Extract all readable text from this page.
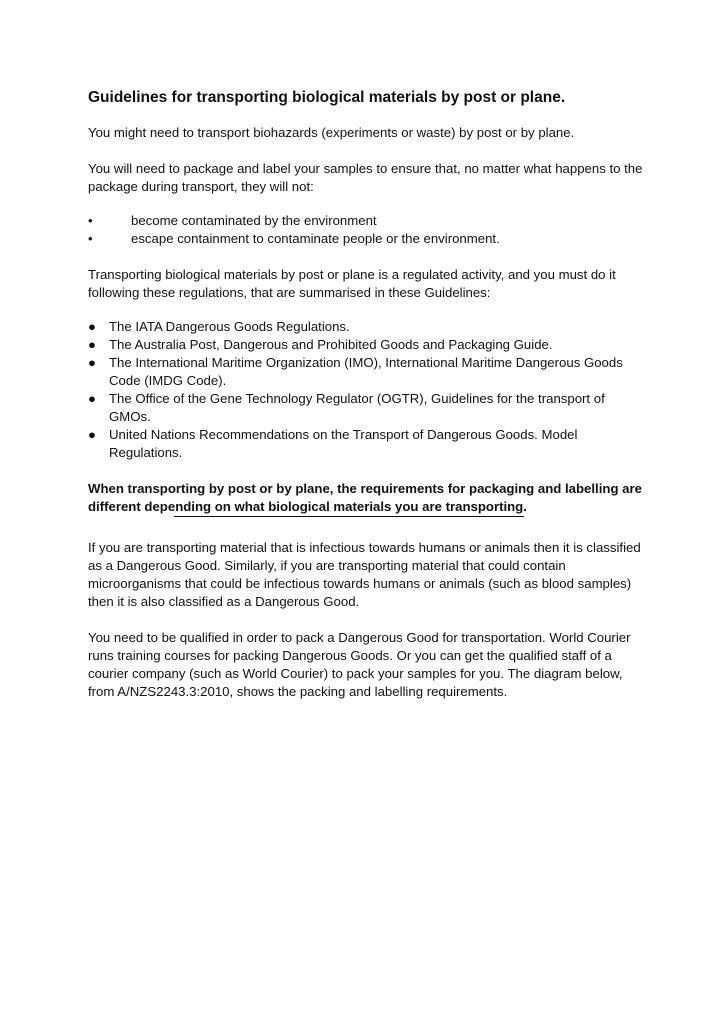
Guidelines for transporting biological materials by post or plane.

You might need to transport biohazards (experiments or waste) by post or by plane.

You will need to package and label your samples to ensure that, no matter what happens to the package during transport, they will not:

•	become contaminated by the environment
•	escape containment to contaminate people or the environment.

Transporting biological materials by post or plane is a regulated activity, and you must do it following these regulations, that are summarised in these Guidelines:

● The IATA Dangerous Goods Regulations.
● The Australia Post, Dangerous and Prohibited Goods and Packaging Guide.
● The International Maritime Organization (IMO), International Maritime Dangerous Goods Code (IMDG Code).
● The Office of the Gene Technology Regulator (OGTR), Guidelines for the transport of GMOs.
● United Nations Recommendations on the Transport of Dangerous Goods. Model Regulations.

When transporting by post or by plane, the requirements for packaging and labelling are different depending on what biological materials you are transporting.

If you are transporting material that is infectious towards humans or animals then it is classified as a Dangerous Good. Similarly, if you are transporting material that could contain microorganisms that could be infectious towards humans or animals (such as blood samples) then it is also classified as a Dangerous Good.

You need to be qualified in order to pack a Dangerous Good for transportation. World Courier runs training courses for packing Dangerous Goods. Or you can get the qualified staff of a courier company (such as World Courier) to pack your samples for you. The diagram below, from A/NZS2243.3:2010, shows the packing and labelling requirements.
